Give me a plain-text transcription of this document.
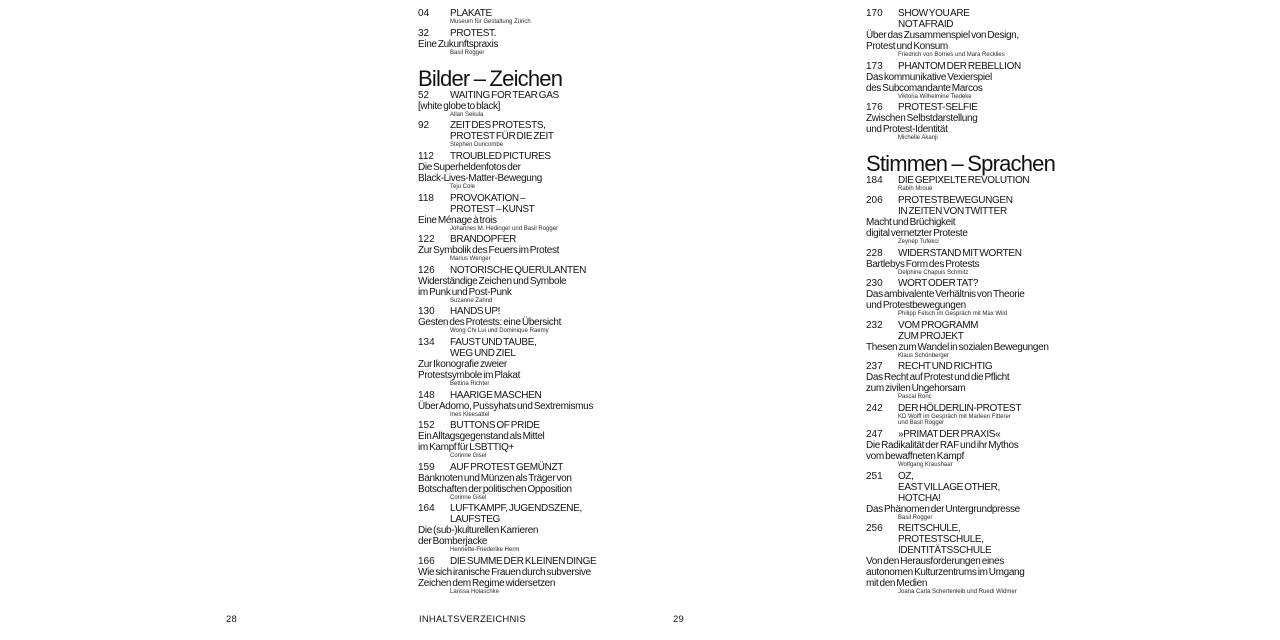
04 PLAKATE
Museum für Gestaltung Zürich
32 PROTEST.
Eine Zukunftspraxis
Basil Rogger
Bilder – Zeichen
52 WAITING FOR TEAR GAS
[white globe to black]
Allan Sekula
92 ZEIT DES PROTESTS,
PROTEST FÜR DIE ZEIT
Stephen Duncombe
112 TROUBLED PICTURES
Die Superheldenfotos der
Black-Lives-Matter-Bewegung
Teju Cole
118 PROVOKATION –
PROTEST – KUNST
Eine Ménage à trois
Johannes M. Hedinger und Basil Rogger
122 BRANDOPFER
Zur Symbolik des Feuers im Protest
Marius Wenger
126 NOTORISCHE QUERULANTEN
Widerständige Zeichen und Symbole
im Punk und Post-Punk
Suzanne Zahnd
130 HANDS UP!
Gesten des Protests: eine Übersicht
Wong Chi Lui und Dominique Raemy
134 FAUST UND TAUBE,
WEG UND ZIEL
Zur Ikonografie zweier
Protestsymbole im Plakat
Bettina Richter
148 HAARIGE MASCHEN
Über Adorno, Pussyhats und Sextremismus
Ines Kleesattel
152 BUTTONS OF PRIDE
Ein Alltagsgegenstand als Mittel
im Kampf für LSBTTIQ+
Corinne Gisel
159 AUF PROTEST GEMÜNZT
Banknoten und Münzen als Träger von
Botschaften der politischen Opposition
Corinne Gisel
164 LUFTKAMPF, JUGENDSZENE,
LAUFSTEG
Die (sub-)kulturellen Karrieren
der Bomberjacke
Henriette-Friederike Herm
166 DIE SUMME DER KLEINEN DINGE
Wie sich iranische Frauen durch subversive
Zeichen dem Regime widersetzen
Larissa Holaschke
170 SHOW YOU ARE
NOT AFRAID
Über das Zusammenspiel von Design,
Protest und Konsum
Friedrich von Borries und Mara Recklies
173 PHANTOM DER REBELLION
Das kommunikative Vexierspiel
des Subcomandante Marcos
Viktoria Wilhelmine Tiedeke
176 PROTEST-SELFIE
Zwischen Selbstdarstellung
und Protest-Identität
Michelle Akanji
Stimmen – Sprachen
184 DIE GEPIXELTE REVOLUTION
Rabih Mroué
206 PROTESTBEWEGUNGEN
IN ZEITEN VON TWITTER
Macht und Brüchigkeit
digital vernetzter Proteste
Zeynep Tufekci
228 WIDERSTAND MIT WORTEN
Bartlebys Form des Protests
Delphine Chapuis Schmitz
230 WORT ODER TAT?
Das ambivalente Verhältnis von Theorie
und Protestbewegungen
Philipp Felsch im Gespräch mit Max Wild
232 VOM PROGRAMM
ZUM PROJEKT
Thesen zum Wandel in sozialen Bewegungen
Klaus Schönberger
237 RECHT UND RICHTIG
Das Recht auf Protest und die Pflicht
zum zivilen Ungehorsam
Pascal Ronc
242 DER HÖLDERLIN-PROTEST
KD Wolff im Gespräch mit Marleen Fitterer
und Basil Rogger
247 »PRIMAT DER PRAXIS«
Die Radikalität der RAF und ihr Mythos
vom bewaffneten Kampf
Wolfgang Kraushaar
251 OZ,
EAST VILLAGE OTHER,
HOTCHA!
Das Phänomen der Untergrundpresse
Basil Rogger
256 REITSCHULE,
PROTESTSCHULE,
IDENTITÄTSSCHULE
Von den Herausforderungen eines
autonomen Kulturzentrums im Umgang
mit den Medien
Joana Carla Schertenleib und Ruedi Widmer
28	INHALTSVERZEICHNIS	29
